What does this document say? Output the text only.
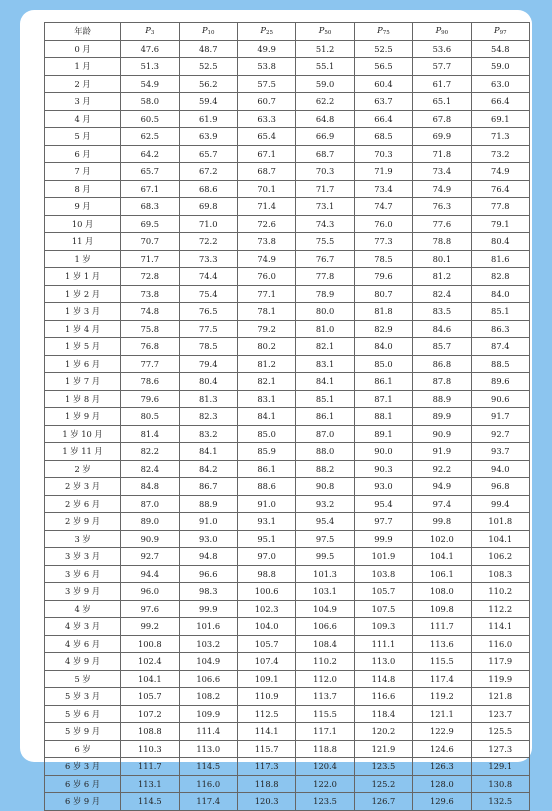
年龄	$P_3$	$P_{10}$	$P_{25}$	$P_{50}$	$P_{75}$	$P_{90}$	$P_{97}$
0 月	47.6	48.7	49.9	51.2	52.5	53.6	54.8
1 月	51.3	52.5	53.8	55.1	56.5	57.7	59.0
2 月	54.9	56.2	57.5	59.0	60.4	61.7	63.0
3 月	58.0	59.4	60.7	62.2	63.7	65.1	66.4
4 月	60.5	61.9	63.3	64.8	66.4	67.8	69.1
5 月	62.5	63.9	65.4	66.9	68.5	69.9	71.3
6 月	64.2	65.7	67.1	68.7	70.3	71.8	73.2
7 月	65.7	67.2	68.7	70.3	71.9	73.4	74.9
8 月	67.1	68.6	70.1	71.7	73.4	74.9	76.4
9 月	68.3	69.8	71.4	73.1	74.7	76.3	77.8
10 月	69.5	71.0	72.6	74.3	76.0	77.6	79.1
11 月	70.7	72.2	73.8	75.5	77.3	78.8	80.4
1 岁	71.7	73.3	74.9	76.7	78.5	80.1	81.6
1 岁 1 月	72.8	74.4	76.0	77.8	79.6	81.2	82.8
1 岁 2 月	73.8	75.4	77.1	78.9	80.7	82.4	84.0
1 岁 3 月	74.8	76.5	78.1	80.0	81.8	83.5	85.1
1 岁 4 月	75.8	77.5	79.2	81.0	82.9	84.6	86.3
1 岁 5 月	76.8	78.5	80.2	82.1	84.0	85.7	87.4
1 岁 6 月	77.7	79.4	81.2	83.1	85.0	86.8	88.5
1 岁 7 月	78.6	80.4	82.1	84.1	86.1	87.8	89.6
1 岁 8 月	79.6	81.3	83.1	85.1	87.1	88.9	90.6
1 岁 9 月	80.5	82.3	84.1	86.1	88.1	89.9	91.7
1 岁 10 月	81.4	83.2	85.0	87.0	89.1	90.9	92.7
1 岁 11 月	82.2	84.1	85.9	88.0	90.0	91.9	93.7
2 岁	82.4	84.2	86.1	88.2	90.3	92.2	94.0
2 岁 3 月	84.8	86.7	88.6	90.8	93.0	94.9	96.8
2 岁 6 月	87.0	88.9	91.0	93.2	95.4	97.4	99.4
2 岁 9 月	89.0	91.0	93.1	95.4	97.7	99.8	101.8
3 岁	90.9	93.0	95.1	97.5	99.9	102.0	104.1
3 岁 3 月	92.7	94.8	97.0	99.5	101.9	104.1	106.2
3 岁 6 月	94.4	96.6	98.8	101.3	103.8	106.1	108.3
3 岁 9 月	96.0	98.3	100.6	103.1	105.7	108.0	110.2
4 岁	97.6	99.9	102.3	104.9	107.5	109.8	112.2
4 岁 3 月	99.2	101.6	104.0	106.6	109.3	111.7	114.1
4 岁 6 月	100.8	103.2	105.7	108.4	111.1	113.6	116.0
4 岁 9 月	102.4	104.9	107.4	110.2	113.0	115.5	117.9
5 岁	104.1	106.6	109.1	112.0	114.8	117.4	119.9
5 岁 3 月	105.7	108.2	110.9	113.7	116.6	119.2	121.8
5 岁 6 月	107.2	109.9	112.5	115.5	118.4	121.1	123.7
5 岁 9 月	108.8	111.4	114.1	117.1	120.2	122.9	125.5
6 岁	110.3	113.0	115.7	118.8	121.9	124.6	127.3
6 岁 3 月	111.7	114.5	117.3	120.4	123.5	126.3	129.1
6 岁 6 月	113.1	116.0	118.8	122.0	125.2	128.0	130.8
6 岁 9 月	114.5	117.4	120.3	123.5	126.7	129.6	132.5
